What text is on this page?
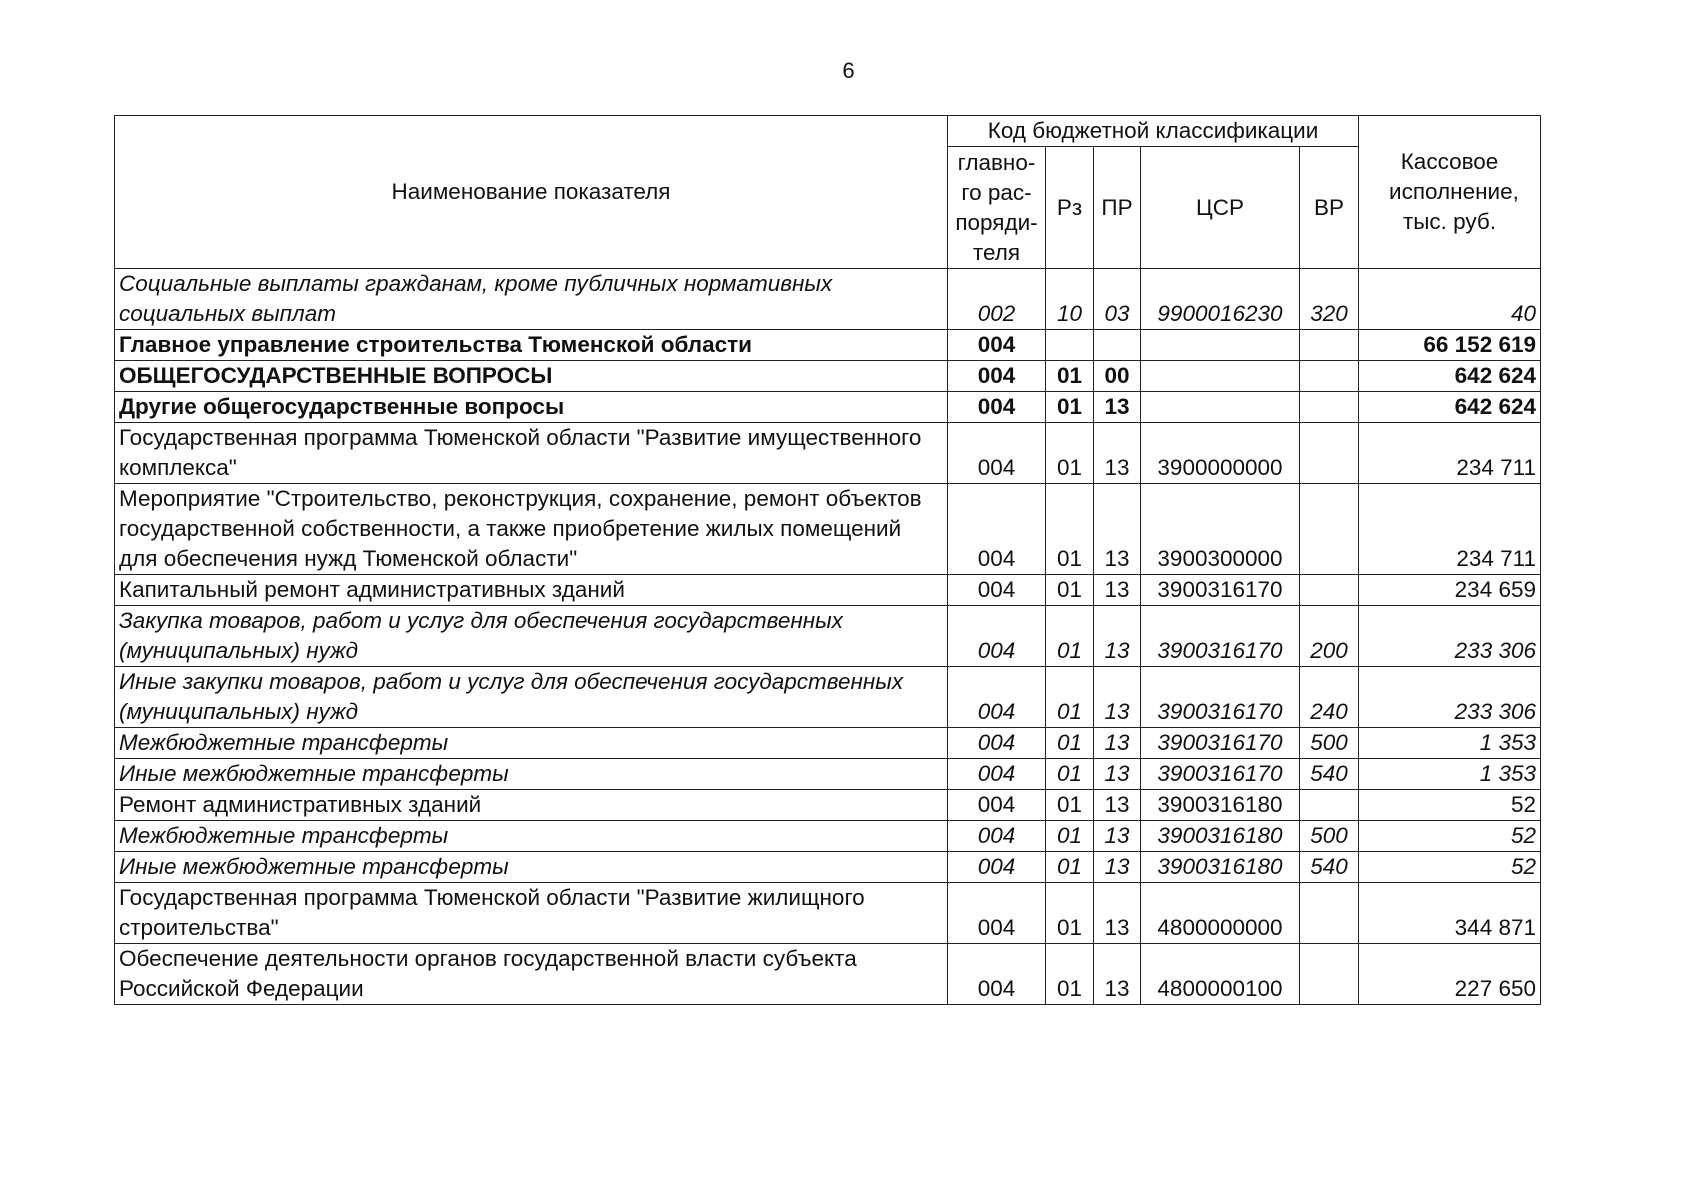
6
Наименование показателя	Код бюджетной классификации					Кассовое исполнение, тыс. руб.
	главно-го рас-поряди-теля	Рз	ПР	ЦСР	ВР	
Социальные выплаты гражданам, кроме публичных нормативных социальных выплат	002	10	03	9900016230	320	40
Главное управление строительства Тюменской области	004					66 152 619
ОБЩЕГОСУДАРСТВЕННЫЕ ВОПРОСЫ	004	01	00			642 624
Другие общегосударственные вопросы	004	01	13			642 624
Государственная программа Тюменской области "Развитие имущественного комплекса"	004	01	13	3900000000		234 711
Мероприятие "Строительство, реконструкция, сохранение, ремонт объектов государственной собственности, а также приобретение жилых помещений для обеспечения нужд Тюменской области"	004	01	13	3900300000		234 711
Капитальный ремонт административных зданий	004	01	13	3900316170		234 659
Закупка товаров, работ и услуг для обеспечения государственных (муниципальных) нужд	004	01	13	3900316170	200	233 306
Иные закупки товаров, работ и услуг для обеспечения государственных (муниципальных) нужд	004	01	13	3900316170	240	233 306
Межбюджетные трансферты	004	01	13	3900316170	500	1 353
Иные межбюджетные трансферты	004	01	13	3900316170	540	1 353
Ремонт административных зданий	004	01	13	3900316180		52
Межбюджетные трансферты	004	01	13	3900316180	500	52
Иные межбюджетные трансферты	004	01	13	3900316180	540	52
Государственная программа Тюменской области "Развитие жилищного строительства"	004	01	13	4800000000		344 871
Обеспечение деятельности органов государственной власти субъекта Российской Федерации	004	01	13	4800000100		227 650
